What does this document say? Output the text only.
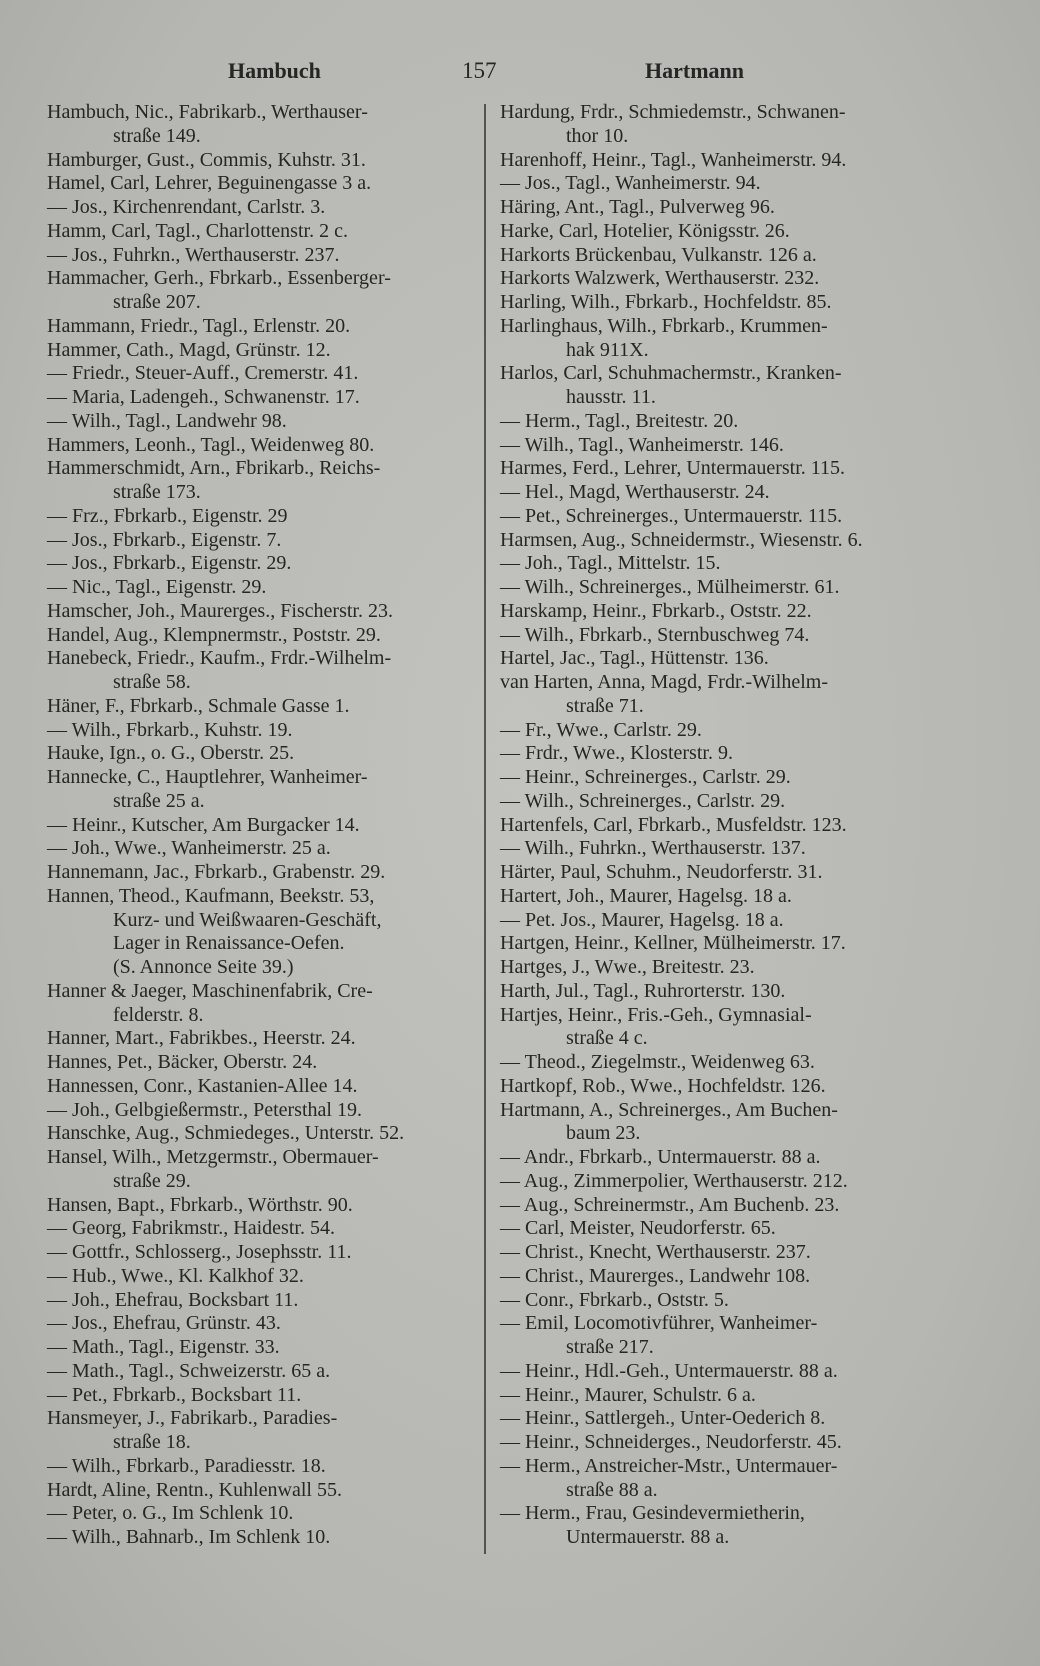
Hambuch	157	Hartmann
Hambuch, Nic., Fabrikarb., Werthauser-
straße 149.
Hamburger, Gust., Commis, Kuhstr. 31.
Hamel, Carl, Lehrer, Beguinengasse 3 a.
— Jos., Kirchenrendant, Carlstr. 3.
Hamm, Carl, Tagl., Charlottenstr. 2 c.
— Jos., Fuhrkn., Werthauserstr. 237.
Hammacher, Gerh., Fbrkarb., Essenberger-
straße 207.
Hammann, Friedr., Tagl., Erlenstr. 20.
Hammer, Cath., Magd, Grünstr. 12.
— Friedr., Steuer-Auff., Cremerstr. 41.
— Maria, Ladengeh., Schwanenstr. 17.
— Wilh., Tagl., Landwehr 98.
Hammers, Leonh., Tagl., Weidenweg 80.
Hammerschmidt, Arn., Fbrikarb., Reichs-
straße 173.
— Frz., Fbrkarb., Eigenstr. 29
— Jos., Fbrkarb., Eigenstr. 7.
— Jos., Fbrkarb., Eigenstr. 29.
— Nic., Tagl., Eigenstr. 29.
Hamscher, Joh., Maurerges., Fischerstr. 23.
Handel, Aug., Klempnermstr., Poststr. 29.
Hanebeck, Friedr., Kaufm., Frdr.-Wilhelm-
straße 58.
Häner, F., Fbrkarb., Schmale Gasse 1.
— Wilh., Fbrkarb., Kuhstr. 19.
Hauke, Ign., o. G., Oberstr. 25.
Hannecke, C., Hauptlehrer, Wanheimer-
straße 25 a.
— Heinr., Kutscher, Am Burgacker 14.
— Joh., Wwe., Wanheimerstr. 25 a.
Hannemann, Jac., Fbrkarb., Grabenstr. 29.
Hannen, Theod., Kaufmann, Beekstr. 53,
Kurz- und Weißwaaren-Geschäft,
Lager in Renaissance-Oefen.
(S. Annonce Seite 39.)
Hanner & Jaeger, Maschinenfabrik, Cre-
felderstr. 8.
Hanner, Mart., Fabrikbes., Heerstr. 24.
Hannes, Pet., Bäcker, Oberstr. 24.
Hannessen, Conr., Kastanien-Allee 14.
— Joh., Gelbgießermstr., Petersthal 19.
Hanschke, Aug., Schmiedeges., Unterstr. 52.
Hansel, Wilh., Metzgermstr., Obermauer-
straße 29.
Hansen, Bapt., Fbrkarb., Wörthstr. 90.
— Georg, Fabrikmstr., Haidestr. 54.
— Gottfr., Schlosserg., Josephsstr. 11.
— Hub., Wwe., Kl. Kalkhof 32.
— Joh., Ehefrau, Bocksbart 11.
— Jos., Ehefrau, Grünstr. 43.
— Math., Tagl., Eigenstr. 33.
— Math., Tagl., Schweizerstr. 65 a.
— Pet., Fbrkarb., Bocksbart 11.
Hansmeyer, J., Fabrikarb., Paradies-
straße 18.
— Wilh., Fbrkarb., Paradiesstr. 18.
Hardt, Aline, Rentn., Kuhlenwall 55.
— Peter, o. G., Im Schlenk 10.
— Wilh., Bahnarb., Im Schlenk 10.
Hardung, Frdr., Schmiedemstr., Schwanen-
thor 10.
Harenhoff, Heinr., Tagl., Wanheimerstr. 94.
— Jos., Tagl., Wanheimerstr. 94.
Häring, Ant., Tagl., Pulverweg 96.
Harke, Carl, Hotelier, Königsstr. 26.
Harkorts Brückenbau, Vulkanstr. 126 a.
Harkorts Walzwerk, Werthauserstr. 232.
Harling, Wilh., Fbrkarb., Hochfeldstr. 85.
Harlinghaus, Wilh., Fbrkarb., Krummen-
hak 911X.
Harlos, Carl, Schuhmachermstr., Kranken-
hausstr. 11.
— Herm., Tagl., Breitestr. 20.
— Wilh., Tagl., Wanheimerstr. 146.
Harmes, Ferd., Lehrer, Untermauerstr. 115.
— Hel., Magd, Werthauserstr. 24.
— Pet., Schreinerges., Untermauerstr. 115.
Harmsen, Aug., Schneidermstr., Wiesenstr. 6.
— Joh., Tagl., Mittelstr. 15.
— Wilh., Schreinerges., Mülheimerstr. 61.
Harskamp, Heinr., Fbrkarb., Oststr. 22.
— Wilh., Fbrkarb., Sternbuschweg 74.
Hartel, Jac., Tagl., Hüttenstr. 136.
van Harten, Anna, Magd, Frdr.-Wilhelm-
straße 71.
— Fr., Wwe., Carlstr. 29.
— Frdr., Wwe., Klosterstr. 9.
— Heinr., Schreinerges., Carlstr. 29.
— Wilh., Schreinerges., Carlstr. 29.
Hartenfels, Carl, Fbrkarb., Musfeldstr. 123.
— Wilh., Fuhrkn., Werthauserstr. 137.
Härter, Paul, Schuhm., Neudorferstr. 31.
Hartert, Joh., Maurer, Hagelsg. 18 a.
— Pet. Jos., Maurer, Hagelsg. 18 a.
Hartgen, Heinr., Kellner, Mülheimerstr. 17.
Hartges, J., Wwe., Breitestr. 23.
Harth, Jul., Tagl., Ruhrorterstr. 130.
Hartjes, Heinr., Fris.-Geh., Gymnasial-
straße 4 c.
— Theod., Ziegelmstr., Weidenweg 63.
Hartkopf, Rob., Wwe., Hochfeldstr. 126.
Hartmann, A., Schreinerges., Am Buchen-
baum 23.
— Andr., Fbrkarb., Untermauerstr. 88 a.
— Aug., Zimmerpolier, Werthauserstr. 212.
— Aug., Schreinermstr., Am Buchenb. 23.
— Carl, Meister, Neudorferstr. 65.
— Christ., Knecht, Werthauserstr. 237.
— Christ., Maurerges., Landwehr 108.
— Conr., Fbrkarb., Oststr. 5.
— Emil, Locomotivführer, Wanheimer-
straße 217.
— Heinr., Hdl.-Geh., Untermauerstr. 88 a.
— Heinr., Maurer, Schulstr. 6 a.
— Heinr., Sattlergeh., Unter-Oederich 8.
— Heinr., Schneiderges., Neudorferstr. 45.
— Herm., Anstreicher-Mstr., Untermauer-
straße 88 a.
— Herm., Frau, Gesindevermietherin,
Untermauerstr. 88 a.
